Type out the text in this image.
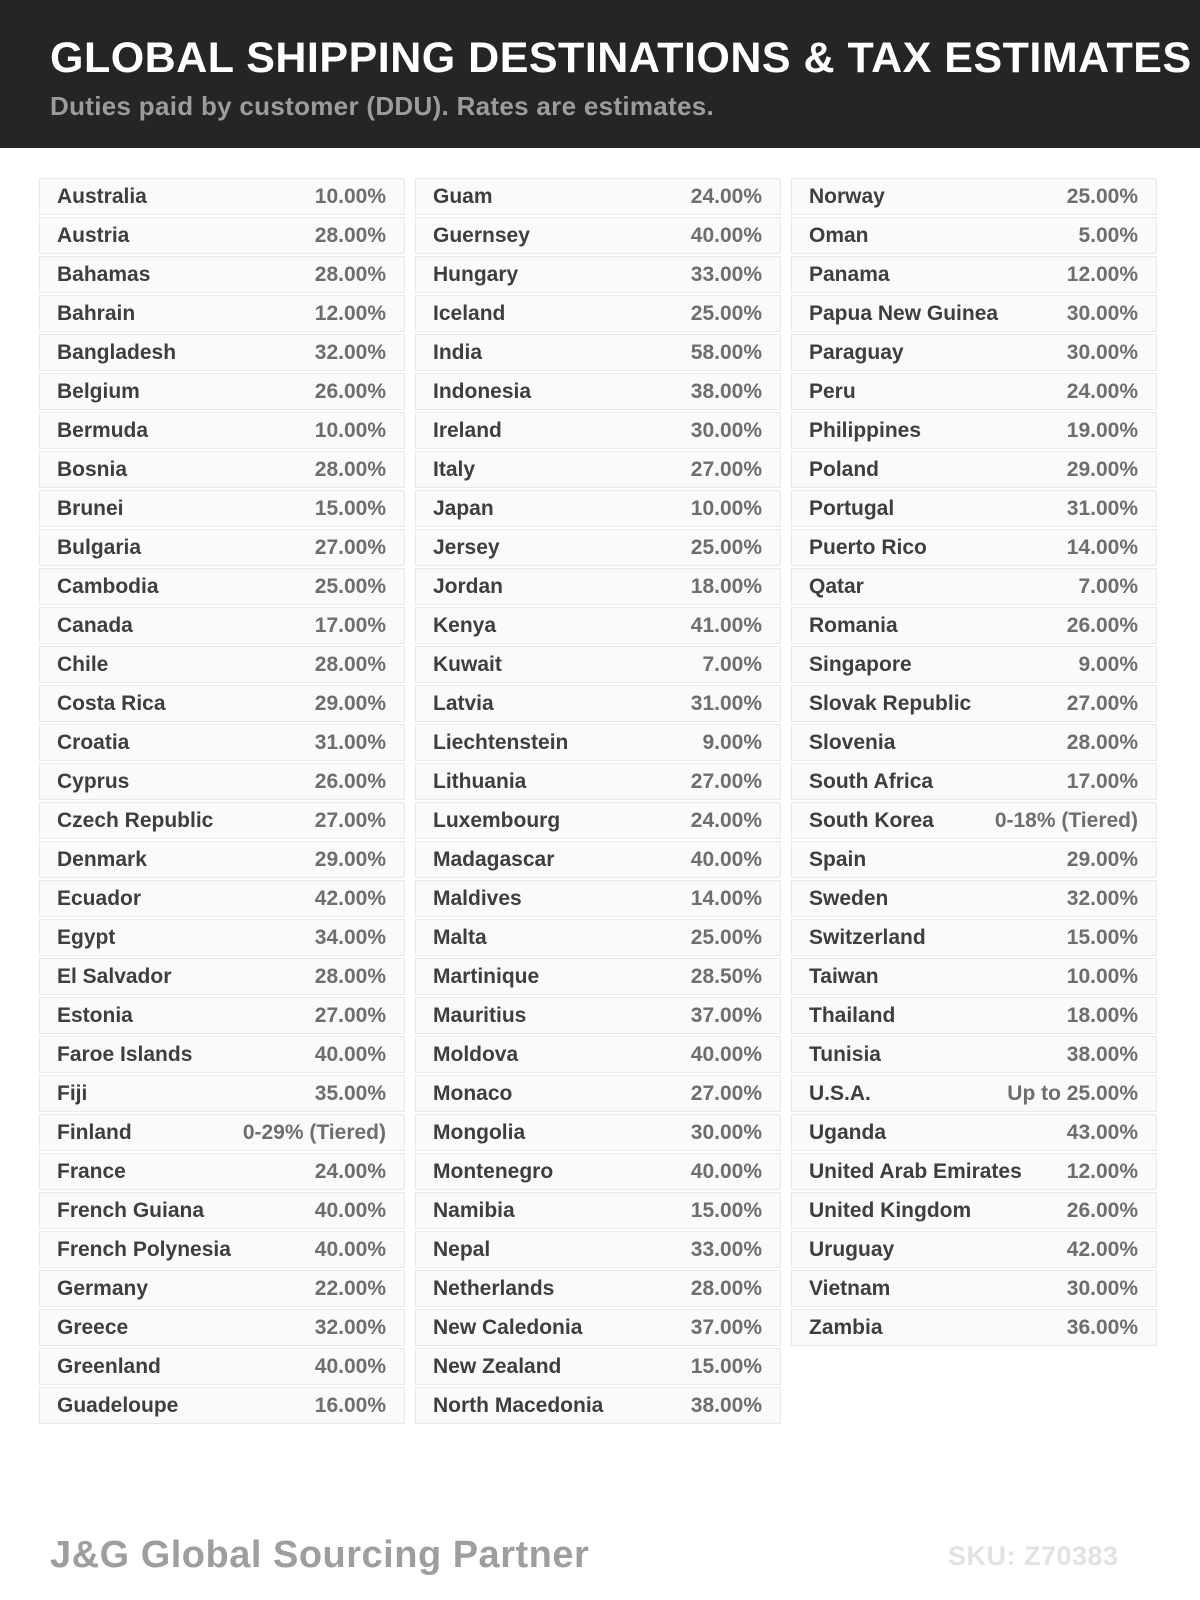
GLOBAL SHIPPING DESTINATIONS & TAX ESTIMATES
Duties paid by customer (DDU). Rates are estimates.
Australia	10.00%
Austria	28.00%
Bahamas	28.00%
Bahrain	12.00%
Bangladesh	32.00%
Belgium	26.00%
Bermuda	10.00%
Bosnia	28.00%
Brunei	15.00%
Bulgaria	27.00%
Cambodia	25.00%
Canada	17.00%
Chile	28.00%
Costa Rica	29.00%
Croatia	31.00%
Cyprus	26.00%
Czech Republic	27.00%
Denmark	29.00%
Ecuador	42.00%
Egypt	34.00%
El Salvador	28.00%
Estonia	27.00%
Faroe Islands	40.00%
Fiji	35.00%
Finland	0-29% (Tiered)
France	24.00%
French Guiana	40.00%
French Polynesia	40.00%
Germany	22.00%
Greece	32.00%
Greenland	40.00%
Guadeloupe	16.00%
Guam	24.00%
Guernsey	40.00%
Hungary	33.00%
Iceland	25.00%
India	58.00%
Indonesia	38.00%
Ireland	30.00%
Italy	27.00%
Japan	10.00%
Jersey	25.00%
Jordan	18.00%
Kenya	41.00%
Kuwait	7.00%
Latvia	31.00%
Liechtenstein	9.00%
Lithuania	27.00%
Luxembourg	24.00%
Madagascar	40.00%
Maldives	14.00%
Malta	25.00%
Martinique	28.50%
Mauritius	37.00%
Moldova	40.00%
Monaco	27.00%
Mongolia	30.00%
Montenegro	40.00%
Namibia	15.00%
Nepal	33.00%
Netherlands	28.00%
New Caledonia	37.00%
New Zealand	15.00%
North Macedonia	38.00%
Norway	25.00%
Oman	5.00%
Panama	12.00%
Papua New Guinea	30.00%
Paraguay	30.00%
Peru	24.00%
Philippines	19.00%
Poland	29.00%
Portugal	31.00%
Puerto Rico	14.00%
Qatar	7.00%
Romania	26.00%
Singapore	9.00%
Slovak Republic	27.00%
Slovenia	28.00%
South Africa	17.00%
South Korea	0-18% (Tiered)
Spain	29.00%
Sweden	32.00%
Switzerland	15.00%
Taiwan	10.00%
Thailand	18.00%
Tunisia	38.00%
U.S.A.	Up to 25.00%
Uganda	43.00%
United Arab Emirates 12.00%
United Kingdom	26.00%
Uruguay	42.00%
Vietnam	30.00%
Zambia	36.00%
J&G Global Sourcing Partner	SKU: Z70383
